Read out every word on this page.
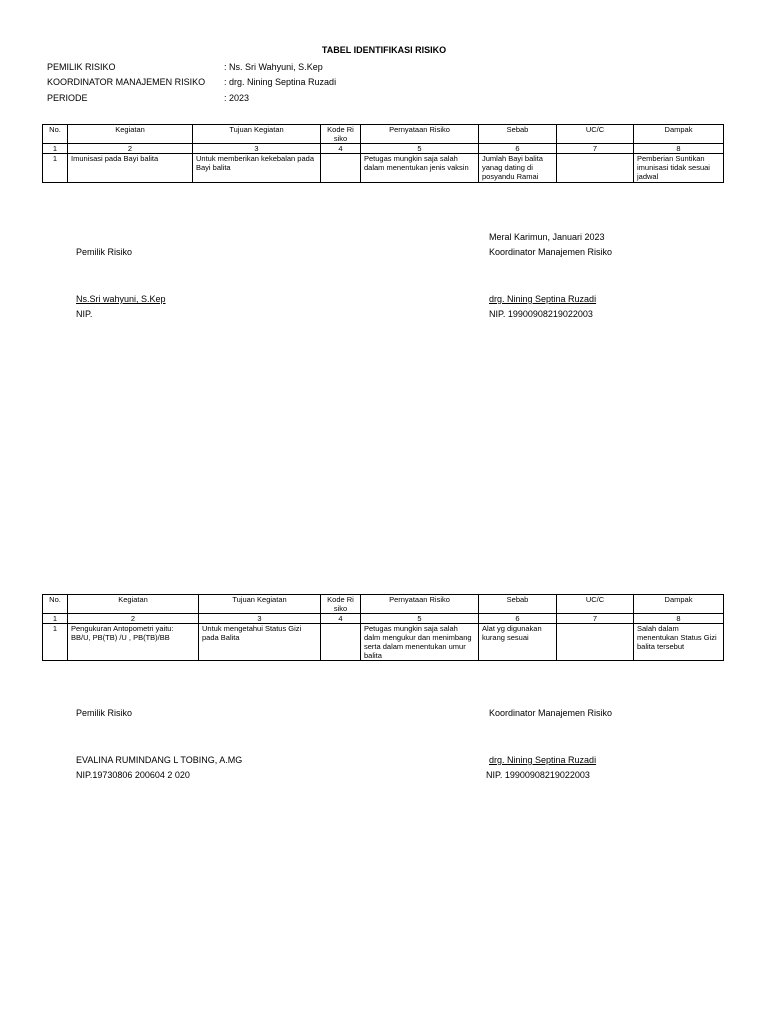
TABEL IDENTIFIKASI RISIKO
PEMILIK RISIKO	: Ns. Sri Wahyuni, S.Kep
KOORDINATOR MANAJEMEN RISIKO : drg. Nining Septina Ruzadi
PERIODE	: 2023
No.	Kegiatan	Tujuan Kegiatan	Kode Ri siko	Pernyataan Risiko	Sebab	UC/C	Dampak
1	2	3	4	5	6	7	8
1	Imunisasi pada Bayi balita	Untuk memberikan kekebalan pada Bayi balita		Petugas mungkin saja salah dalam menentukan jenis vaksin	Jumlah Bayi balita yanag dating di posyandu Ramai		Pemberian Suntikan imunisasi tidak sesuai jadwal
Meral Karimun, Januari 2023
Pemilik Risiko	Koordinator Manajemen Risiko
Ns.Sri wahyuni, S.Kep	drg. Nining Septina Ruzadi
NIP.	NIP. 19900908219022003
No.	Kegiatan	Tujuan Kegiatan	Kode Ri siko	Pernyataan Risiko	Sebab	UC/C	Dampak
1	2	3	4	5	6	7	8
1	Pengukuran Antopometri yaitu: BB/U, PB(TB) /U , PB(TB)/BB	Untuk mengetahui Status Gizi pada Balita		Petugas mungkin saja salah dalm mengukur dan menimbang serta dalam menentukan umur balita	Alat yg digunakan kurang sesuai		Salah dalam menentukan Status Gizi balita tersebut
Pemilik Risiko	Koordinator Manajemen Risiko
EVALINA RUMINDANG L TOBING, A.MG	drg. Nining Septina Ruzadi
NIP.19730806 200604 2 020	NIP. 19900908219022003
